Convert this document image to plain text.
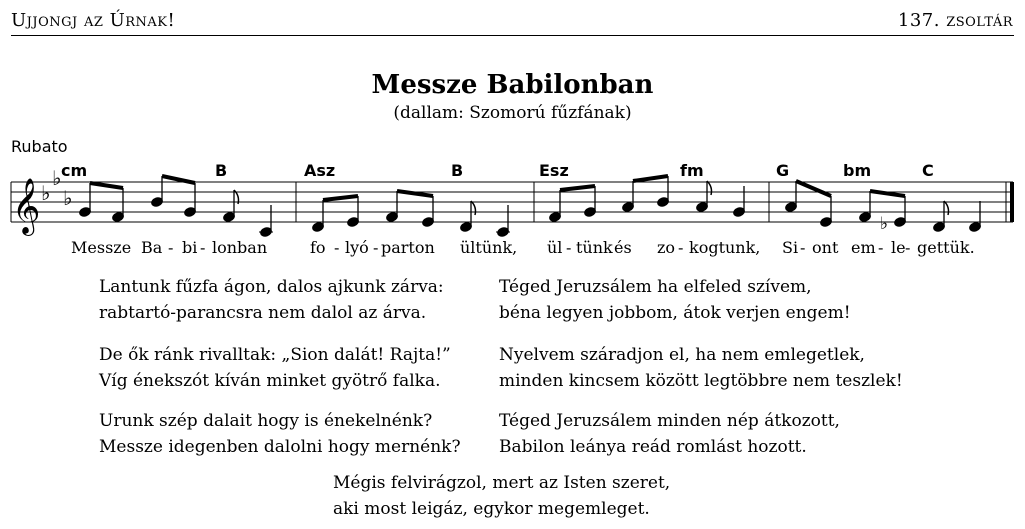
Ujjongj az Úrnak!	137. zsoltár
Messze Babilonban
(dallam: Szomorú fűzfának)
Rubato
𝄞 ♭
♭
♭
♭
cm	B	Asz	B	Esz	fm	G	bm	C
Messze Ba - bi - lonban	fo - lyó - parton ültünk, ül - tünk és zo - kogtunk, Si - ont em - le - gettük.
Lantunk fűzfa ágon, dalos ajkunk zárva:
rabtartó-parancsra nem dalol az árva.
De ők ránk rivalltak: „Sion dalát! Rajta!”
Víg énekszót kíván minket gyötrő falka.
Urunk szép dalait hogy is énekelnénk?
Messze idegenben dalolni hogy mernénk?
Téged Jeruzsálem ha elfeled szívem,
béna legyen jobbom, átok verjen engem!
Nyelvem száradjon el, ha nem emlegetlek,
minden kincsem között legtöbbre nem teszlek!
Téged Jeruzsálem minden nép átkozott,
Babilon leánya reád romlást hozott.
Mégis felvirágzol, mert az Isten szeret,
aki most leigáz, egykor megemleget.
